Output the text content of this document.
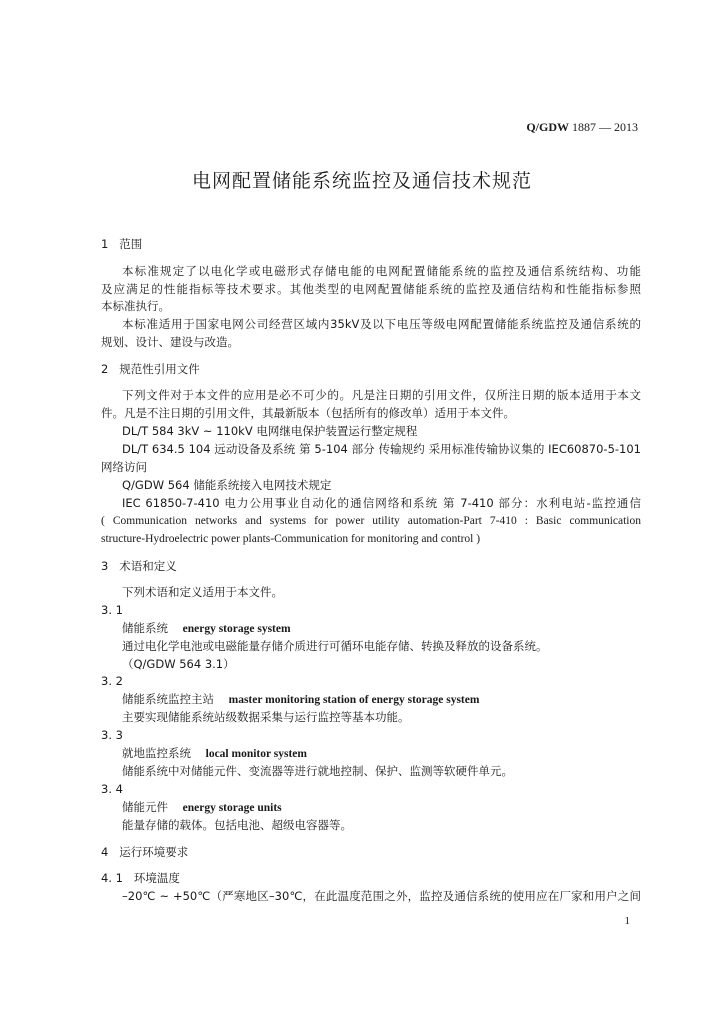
Q/GDW 1887 — 2013
电网配置储能系统监控及通信技术规范
1 范围
本标准规定了以电化学或电磁形式存储电能的电网配置储能系统的监控及通信系统结构、功能
及应满足的性能指标等技术要求。其他类型的电网配置储能系统的监控及通信结构和性能指标参照
本标准执行。
本标准适用于国家电网公司经营区域内35kV及以下电压等级电网配置储能系统监控及通信系统的
规划、设计、建设与改造。
2 规范性引用文件
下列文件对于本文件的应用是必不可少的。凡是注日期的引用文件，仅所注日期的版本适用于本文
件。凡是不注日期的引用文件，其最新版本（包括所有的修改单）适用于本文件。
DL/T 584 3kV ~ 110kV 电网继电保护装置运行整定规程
DL/T 634.5 104 远动设备及系统 第 5-104 部分 传输规约 采用标准传输协议集的 IEC60870-5-101
网络访问
Q/GDW 564 储能系统接入电网技术规定
IEC 61850-7-410 电力公用事业自动化的通信网络和系统 第 7-410 部分：水利电站-监控通信
( Communication networks and systems for power utility automation-Part 7-410 : Basic communication
structure-Hydroelectric power plants-Communication for monitoring and control )
3 术语和定义
下列术语和定义适用于本文件。
3. 1
储能系统 energy storage system
通过电化学电池或电磁能量存储介质进行可循环电能存储、转换及释放的设备系统。
（Q/GDW 564 3.1）
3. 2
储能系统监控主站 master monitoring station of energy storage system
主要实现储能系统站级数据采集与运行监控等基本功能。
3. 3
就地监控系统 local monitor system
储能系统中对储能元件、变流器等进行就地控制、保护、监测等软硬件单元。
3. 4
储能元件 energy storage units
能量存储的载体。包括电池、超级电容器等。
4 运行环境要求
4. 1 环境温度
–20℃ ~ +50℃（严寒地区–30℃，在此温度范围之外，监控及通信系统的使用应在厂家和用户之间
1
